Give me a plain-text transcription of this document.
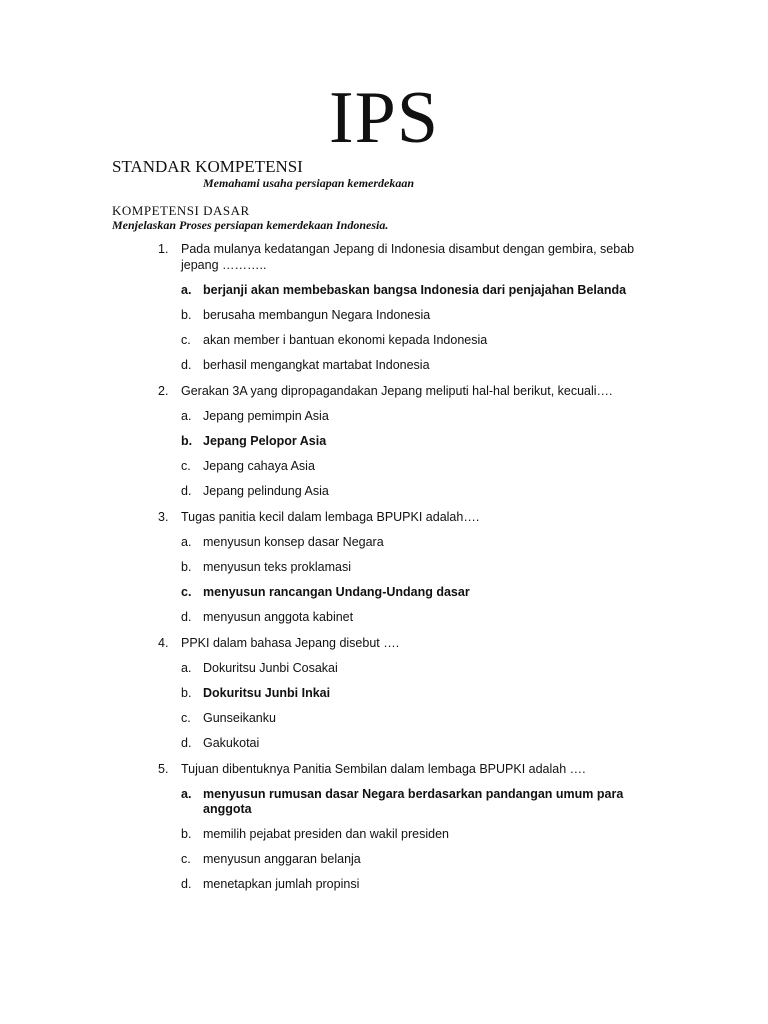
IPS
STANDAR KOMPETENSI
Memahami usaha persiapan kemerdekaan
KOMPETENSI DASAR
Menjelaskan Proses persiapan kemerdekaan Indonesia.
1. Pada mulanya kedatangan Jepang di Indonesia disambut dengan gembira, sebab jepang ………..
a. berjanji akan membebaskan bangsa Indonesia dari penjajahan Belanda
b. berusaha membangun Negara Indonesia
c. akan member i bantuan ekonomi kepada Indonesia
d. berhasil mengangkat martabat Indonesia
2. Gerakan 3A yang dipropagandakan Jepang meliputi hal-hal berikut, kecuali….
a. Jepang pemimpin Asia
b. Jepang Pelopor Asia
c. Jepang cahaya Asia
d. Jepang pelindung Asia
3. Tugas panitia kecil dalam lembaga BPUPKI adalah….
a. menyusun konsep dasar Negara
b. menyusun teks proklamasi
c. menyusun rancangan Undang-Undang dasar
d. menyusun anggota kabinet
4. PPKI dalam bahasa Jepang disebut ….
a. Dokuritsu Junbi Cosakai
b. Dokuritsu Junbi Inkai
c. Gunseikanku
d. Gakukotai
5. Tujuan dibentuknya Panitia Sembilan dalam lembaga BPUPKI adalah ….
a. menyusun rumusan dasar Negara berdasarkan pandangan umum para anggota
b. memilih pejabat presiden dan wakil presiden
c. menyusun anggaran belanja
d. menetapkan jumlah propinsi
